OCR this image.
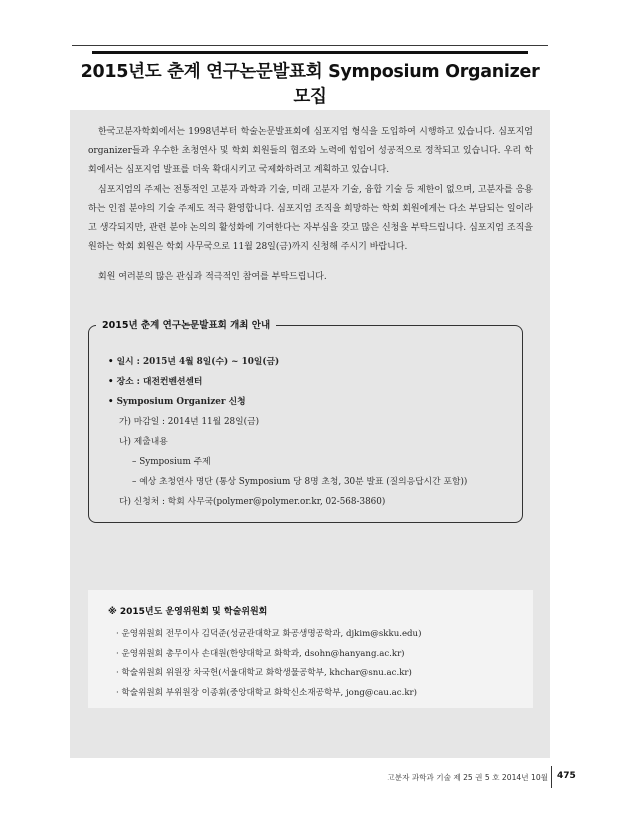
2015년도 춘계 연구논문발표회 Symposium Organizer 모집

한국고분자학회에서는 1998년부터 학술논문발표회에 심포지엄 형식을 도입하여 시행하고 있습니다. 심포지엄 organizer들과 우수한 초청연사 및 학회 회원들의 협조와 노력에 힘입어 성공적으로 정착되고 있습니다. 우리 학회에서는 심포지엄 발표를 더욱 확대시키고 국제화하려고 계획하고 있습니다.

심포지엄의 주제는 전통적인 고분자 과학과 기술, 미래 고분자 기술, 융합 기술 등 제한이 없으며, 고분자를 응용하는 인접 분야의 기술 주제도 적극 환영합니다. 심포지엄 조직을 희망하는 학회 회원에게는 다소 부담되는 일이라고 생각되지만, 관련 분야 논의의 활성화에 기여한다는 자부심을 갖고 많은 신청을 부탁드립니다. 심포지엄 조직을 원하는 학회 회원은 학회 사무국으로 11월 28일(금)까지 신청해 주시기 바랍니다.

회원 여러분의 많은 관심과 적극적인 참여를 부탁드립니다.

2015년 춘계 연구논문발표회 개최 안내
• 일시 : 2015년 4월 8일(수) ~ 10일(금)
• 장소 : 대전컨벤션센터
• Symposium Organizer 신청
가) 마감일 : 2014년 11월 28일(금)
나) 제출내용
– Symposium 주제
– 예상 초청연사 명단 (통상 Symposium 당 8명 초청, 30분 발표 (질의응답시간 포함))
다) 신청처 : 학회 사무국(polymer@polymer.or.kr, 02-568-3860)
※ 2015년도 운영위원회 및 학술위원회
· 운영위원회 전무이사 김덕준(성균관대학교 화공생명공학과, djkim@skku.edu)
· 운영위원회 총무이사 손대원(한양대학교 화학과, dsohn@hanyang.ac.kr)
· 학술위원회 위원장 차국헌(서울대학교 화학생물공학부, khchar@snu.ac.kr)
· 학술위원회 부위원장 이종휘(중앙대학교 화학신소재공학부, jong@cau.ac.kr)
고분자 과학과 기술 제 25 권 5 호 2014년 10월 475
